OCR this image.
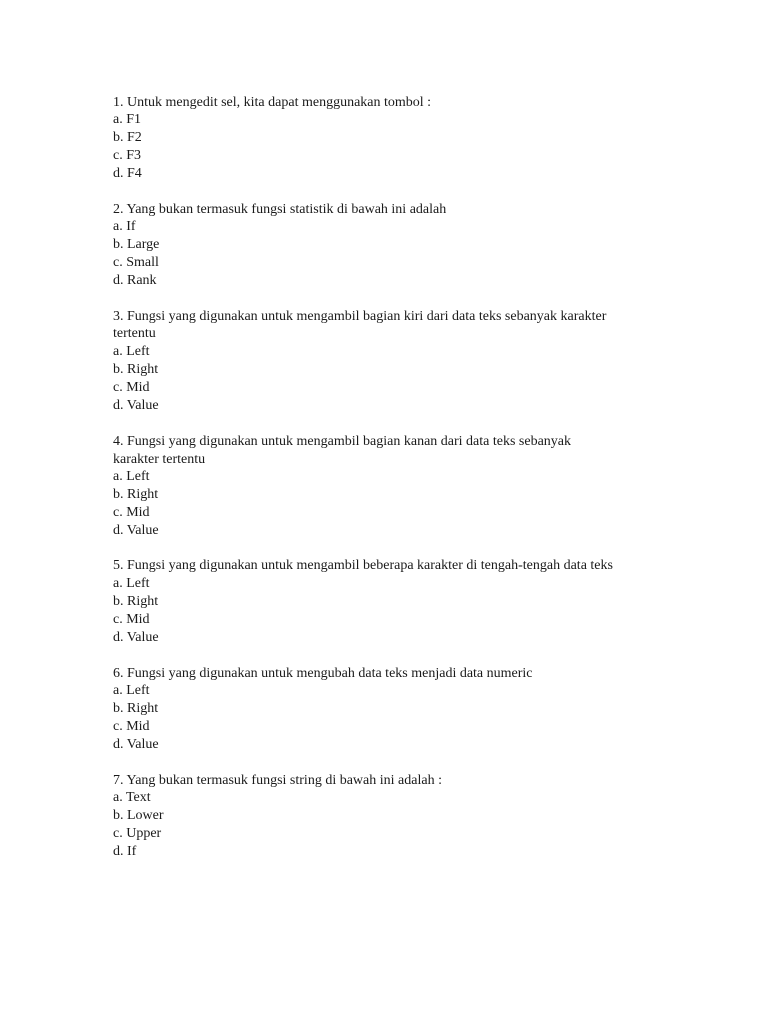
1. Untuk mengedit sel, kita dapat menggunakan tombol :
a. F1
b. F2
c. F3
d. F4
2. Yang bukan termasuk fungsi statistik di bawah ini adalah
a. If
b. Large
c. Small
d. Rank
3. Fungsi yang digunakan untuk mengambil bagian kiri dari data teks sebanyak karakter
tertentu
a. Left
b. Right
c. Mid
d. Value
4. Fungsi yang digunakan untuk mengambil bagian kanan dari data teks sebanyak
karakter tertentu
a. Left
b. Right
c. Mid
d. Value
5. Fungsi yang digunakan untuk mengambil beberapa karakter di tengah-tengah data teks
a. Left
b. Right
c. Mid
d. Value
6. Fungsi yang digunakan untuk mengubah data teks menjadi data numeric
a. Left
b. Right
c. Mid
d. Value
7. Yang bukan termasuk fungsi string di bawah ini adalah :
a. Text
b. Lower
c. Upper
d. If
